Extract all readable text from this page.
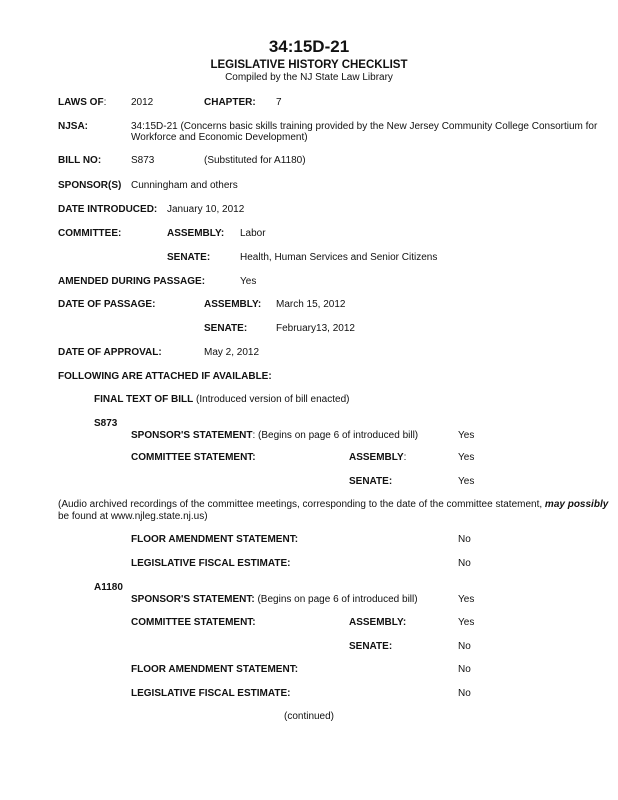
34:15D-21
LEGISLATIVE HISTORY CHECKLIST
Compiled by the NJ State Law Library
LAWS OF: 2012	CHAPTER: 7
NJSA:	34:15D-21 (Concerns basic skills training provided by the New Jersey Community College Consortium for
Workforce and Economic Development)
BILL NO:	S873	(Substituted for A1180)
SPONSOR(S) Cunningham and others
DATE INTRODUCED: January 10, 2012
COMMITTEE:	ASSEMBLY: Labor
SENATE:	Health, Human Services and Senior Citizens
AMENDED DURING PASSAGE:	Yes
DATE OF PASSAGE:	ASSEMBLY: March 15, 2012
SENATE:	February13, 2012
DATE OF APPROVAL:	May 2, 2012
FOLLOWING ARE ATTACHED IF AVAILABLE:
FINAL TEXT OF BILL (Introduced version of bill enacted)
S873
SPONSOR'S STATEMENT: (Begins on page 6 of introduced bill)	Yes
COMMITTEE STATEMENT:	ASSEMBLY:	Yes
SENATE:	Yes
(Audio archived recordings of the committee meetings, corresponding to the date of the committee statement, may possibly
be found at www.njleg.state.nj.us)
FLOOR AMENDMENT STATEMENT:	No
LEGISLATIVE FISCAL ESTIMATE:	No
A1180
SPONSOR'S STATEMENT: (Begins on page 6 of introduced bill)	Yes
COMMITTEE STATEMENT:	ASSEMBLY:	Yes
SENATE:	No
FLOOR AMENDMENT STATEMENT:	No
LEGISLATIVE FISCAL ESTIMATE:	No
(continued)
